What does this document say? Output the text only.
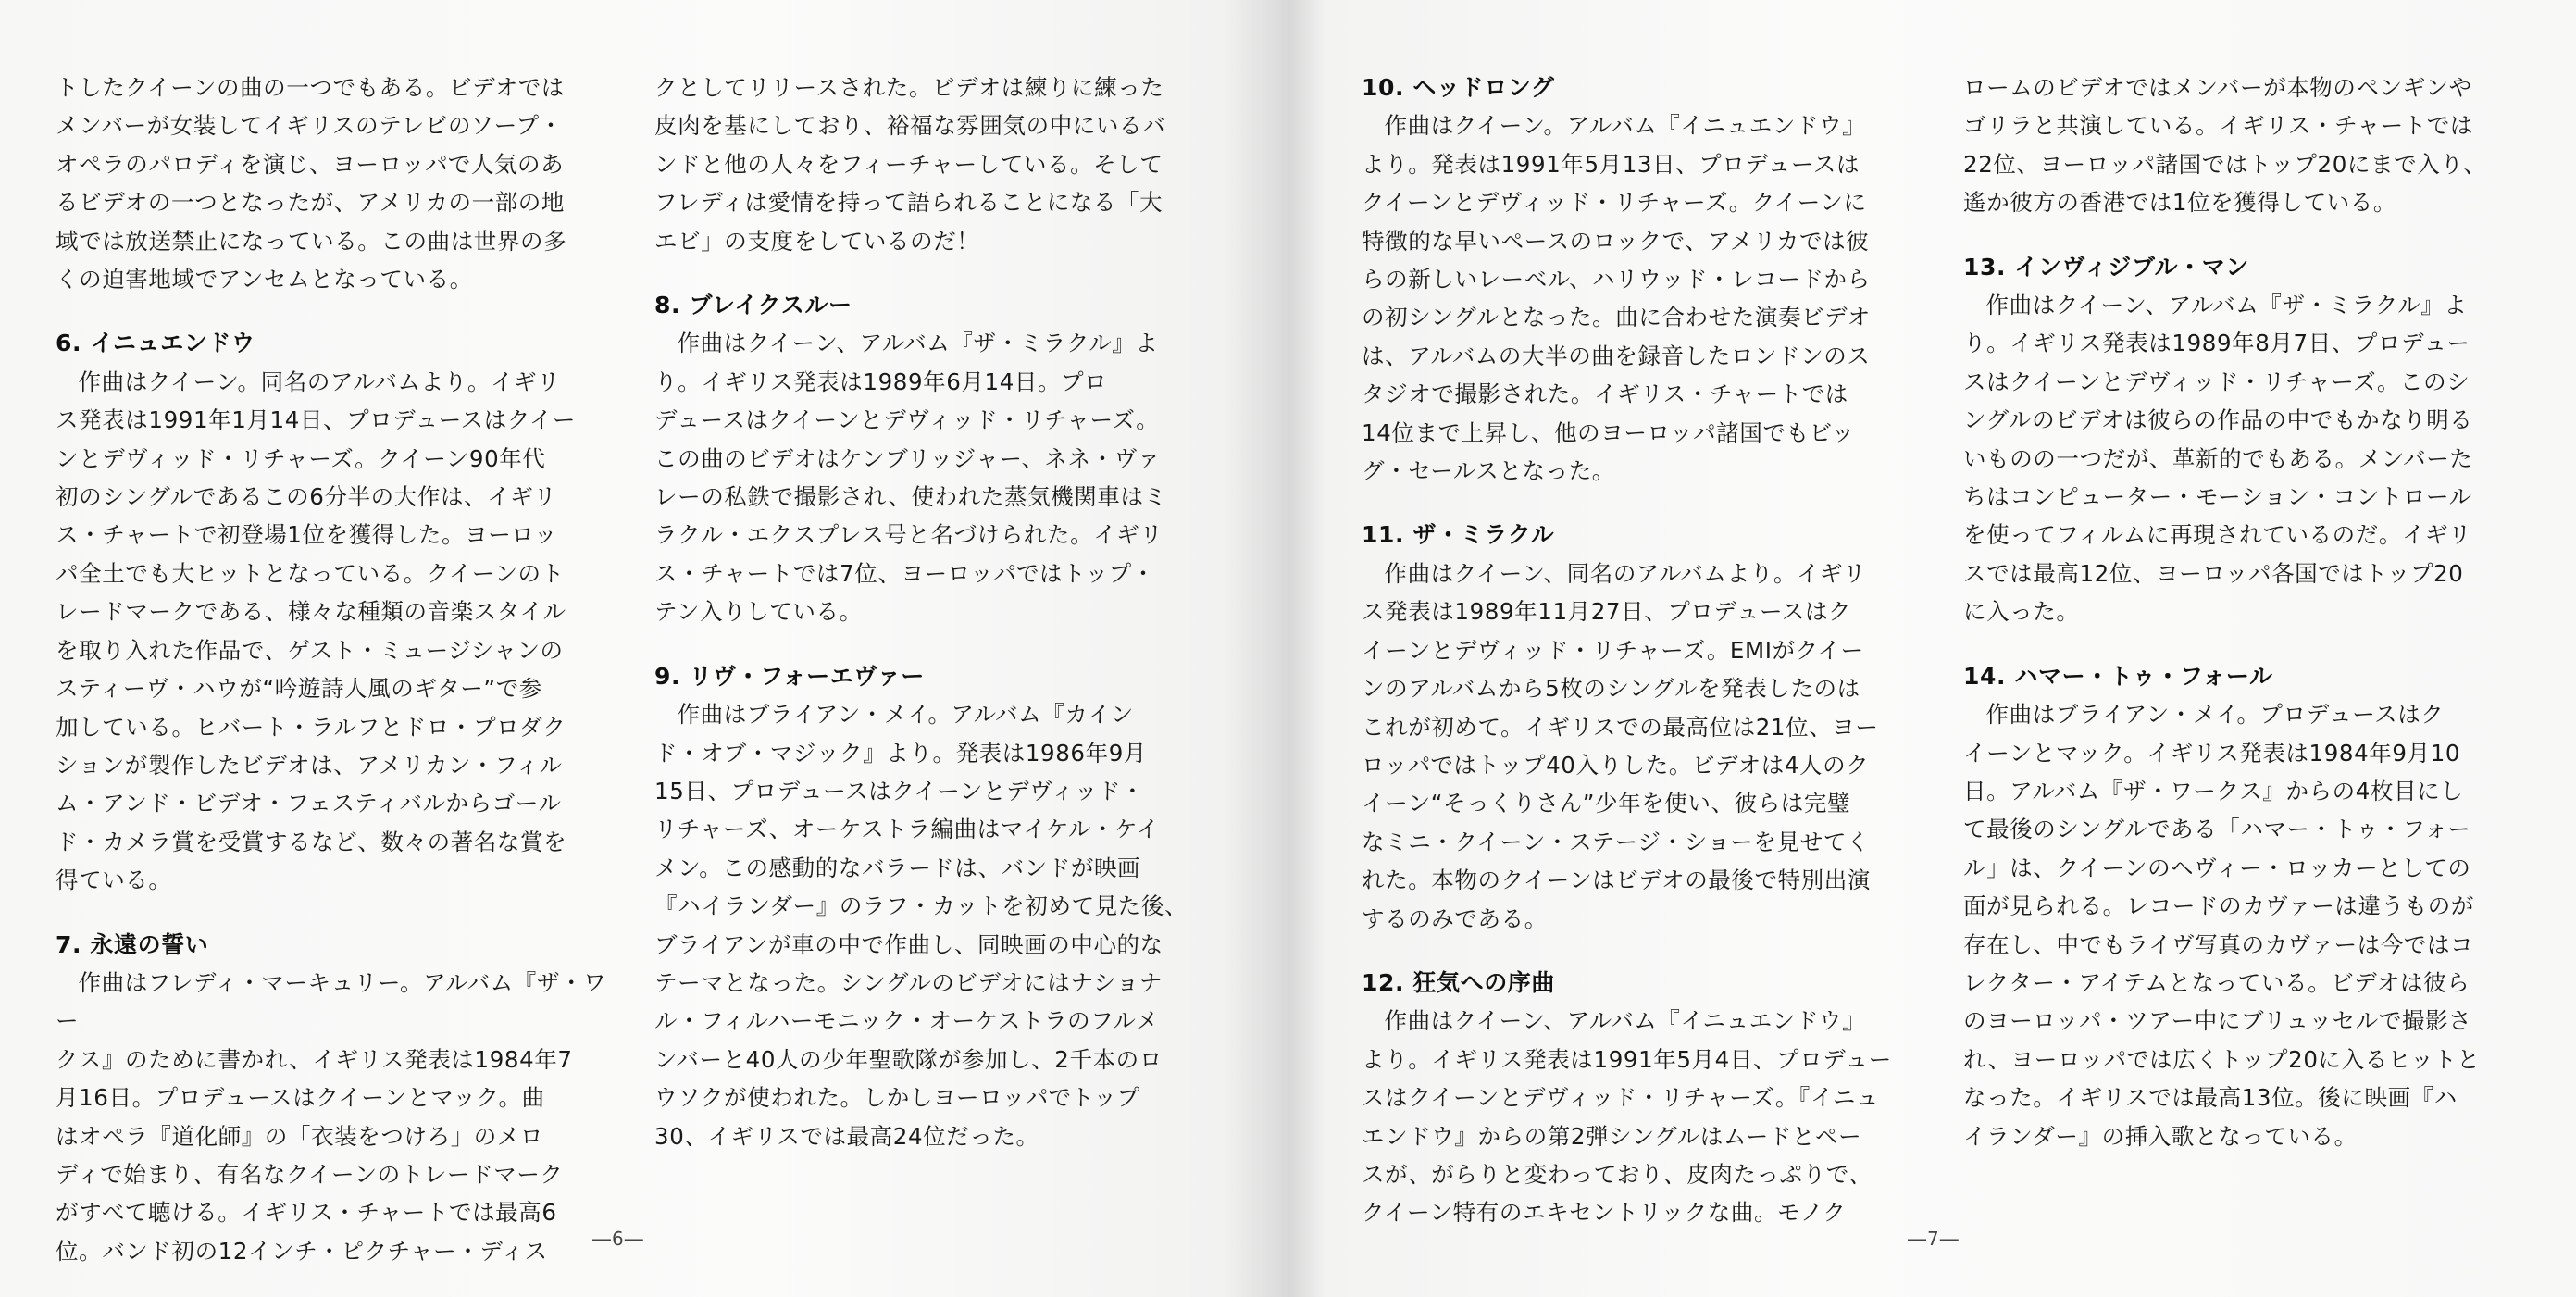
トしたクイーンの曲の一つでもある。ビデオでは

メンバーが女装してイギリスのテレビのソープ・

オペラのパロディを演じ、ヨーロッパで人気のあ

るビデオの一つとなったが、アメリカの一部の地

域では放送禁止になっている。この曲は世界の多

くの迫害地域でアンセムとなっている。

6. イニュエンドウ

作曲はクイーン。同名のアルバムより。イギリ

ス発表は1991年1月14日、プロデュースはクイー

ンとデヴィッド・リチャーズ。クイーン90年代

初のシングルであるこの6分半の大作は、イギリ

ス・チャートで初登場1位を獲得した。ヨーロッ

パ全土でも大ヒットとなっている。クイーンのト

レードマークである、様々な種類の音楽スタイル

を取り入れた作品で、ゲスト・ミュージシャンの

スティーヴ・ハウが“吟遊詩人風のギター”で参

加している。ヒバート・ラルフとドロ・プロダク

ションが製作したビデオは、アメリカン・フィル

ム・アンド・ビデオ・フェスティバルからゴール

ド・カメラ賞を受賞するなど、数々の著名な賞を

得ている。

7. 永遠の誓い

作曲はフレディ・マーキュリー。アルバム『ザ・ワー

クス』のために書かれ、イギリス発表は1984年7

月16日。プロデュースはクイーンとマック。曲

はオペラ『道化師』の「衣装をつけろ」のメロ

ディで始まり、有名なクイーンのトレードマーク

がすべて聴ける。イギリス・チャートでは最高6

位。バンド初の12インチ・ピクチャー・ディス

クとしてリリースされた。ビデオは練りに練った

皮肉を基にしており、裕福な雰囲気の中にいるバ

ンドと他の人々をフィーチャーしている。そして

フレディは愛情を持って語られることになる「大

エビ」の支度をしているのだ！

8. ブレイクスルー

作曲はクイーン、アルバム『ザ・ミラクル』よ

り。イギリス発表は1989年6月14日。プロ

デュースはクイーンとデヴィッド・リチャーズ。

この曲のビデオはケンブリッジャー、ネネ・ヴァ

レーの私鉄で撮影され、使われた蒸気機関車はミ

ラクル・エクスプレス号と名づけられた。イギリ

ス・チャートでは7位、ヨーロッパではトップ・

テン入りしている。

9. リヴ・フォーエヴァー

作曲はブライアン・メイ。アルバム『カイン

ド・オブ・マジック』より。発表は1986年9月

15日、プロデュースはクイーンとデヴィッド・

リチャーズ、オーケストラ編曲はマイケル・ケイ

メン。この感動的なバラードは、バンドが映画

『ハイランダー』のラフ・カットを初めて見た後、

ブライアンが車の中で作曲し、同映画の中心的な

テーマとなった。シングルのビデオにはナショナ

ル・フィルハーモニック・オーケストラのフルメ

ンバーと40人の少年聖歌隊が参加し、2千本のロ

ウソクが使われた。しかしヨーロッパでトップ

30、イギリスでは最高24位だった。

―6―

10. ヘッドロング

作曲はクイーン。アルバム『イニュエンドウ』

より。発表は1991年5月13日、プロデュースは

クイーンとデヴィッド・リチャーズ。クイーンに

特徴的な早いペースのロックで、アメリカでは彼

らの新しいレーベル、ハリウッド・レコードから

の初シングルとなった。曲に合わせた演奏ビデオ

は、アルバムの大半の曲を録音したロンドンのス

タジオで撮影された。イギリス・チャートでは

14位まで上昇し、他のヨーロッパ諸国でもビッ

グ・セールスとなった。

11. ザ・ミラクル

作曲はクイーン、同名のアルバムより。イギリ

ス発表は1989年11月27日、プロデュースはク

イーンとデヴィッド・リチャーズ。EMIがクイー

ンのアルバムから5枚のシングルを発表したのは

これが初めて。イギリスでの最高位は21位、ヨー

ロッパではトップ40入りした。ビデオは4人のク

イーン“そっくりさん”少年を使い、彼らは完璧

なミニ・クイーン・ステージ・ショーを見せてく

れた。本物のクイーンはビデオの最後で特別出演

するのみである。

12. 狂気への序曲

作曲はクイーン、アルバム『イニュエンドウ』

より。イギリス発表は1991年5月4日、プロデュー

スはクイーンとデヴィッド・リチャーズ。『イニュ

エンドウ』からの第2弾シングルはムードとペー

スが、がらりと変わっており、皮肉たっぷりで、

クイーン特有のエキセントリックな曲。モノク

ロームのビデオではメンバーが本物のペンギンや

ゴリラと共演している。イギリス・チャートでは

22位、ヨーロッパ諸国ではトップ20にまで入り、

遙か彼方の香港では1位を獲得している。

13. インヴィジブル・マン

作曲はクイーン、アルバム『ザ・ミラクル』よ

り。イギリス発表は1989年8月7日、プロデュー

スはクイーンとデヴィッド・リチャーズ。このシ

ングルのビデオは彼らの作品の中でもかなり明る

いものの一つだが、革新的でもある。メンバーた

ちはコンピューター・モーション・コントロール

を使ってフィルムに再現されているのだ。イギリ

スでは最高12位、ヨーロッパ各国ではトップ20

に入った。

14. ハマー・トゥ・フォール

作曲はブライアン・メイ。プロデュースはク

イーンとマック。イギリス発表は1984年9月10

日。アルバム『ザ・ワークス』からの4枚目にし

て最後のシングルである「ハマー・トゥ・フォー

ル」は、クイーンのヘヴィー・ロッカーとしての

面が見られる。レコードのカヴァーは違うものが

存在し、中でもライヴ写真のカヴァーは今ではコ

レクター・アイテムとなっている。ビデオは彼ら

のヨーロッパ・ツアー中にブリュッセルで撮影さ

れ、ヨーロッパでは広くトップ20に入るヒットと

なった。イギリスでは最高13位。後に映画『ハ

イランダー』の挿入歌となっている。

―7―
